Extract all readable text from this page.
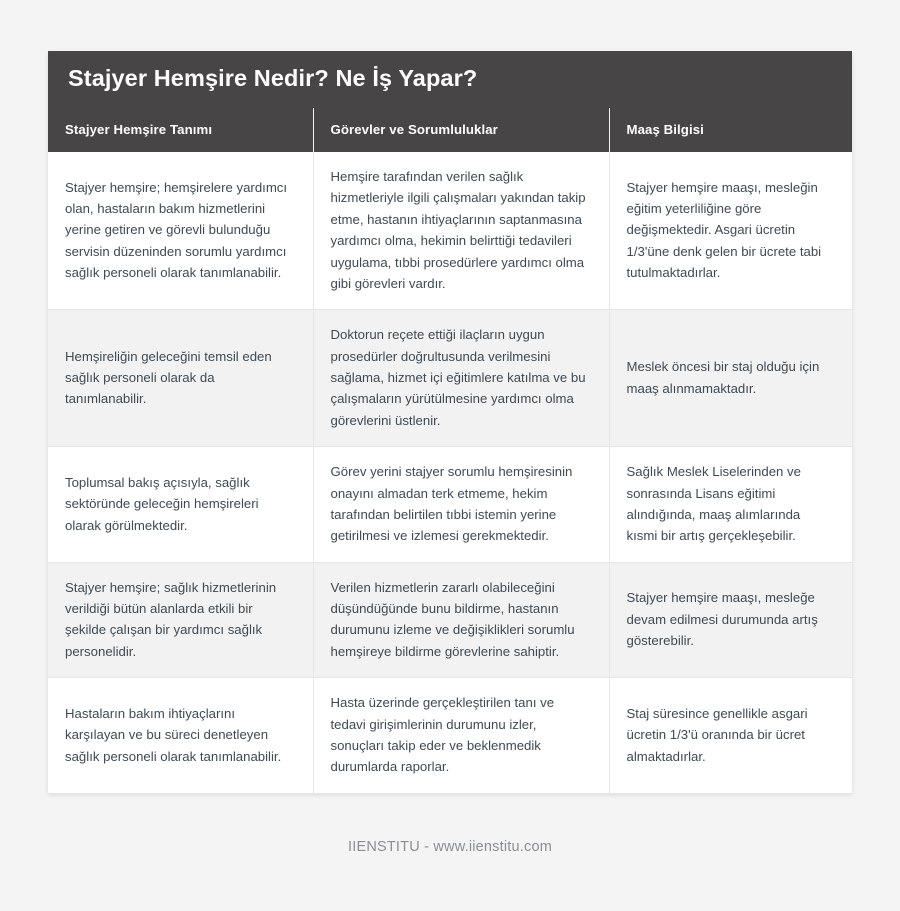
Stajyer Hemşire Nedir? Ne İş Yapar?
Stajyer Hemşire Tanımı	Görevler ve Sorumluluklar	Maaş Bilgisi
Stajyer hemşire; hemşirelere yardımcı olan, hastaların bakım hizmetlerini yerine getiren ve görevli bulunduğu servisin düzeninden sorumlu yardımcı sağlık personeli olarak tanımlanabilir.	Hemşire tarafından verilen sağlık hizmetleriyle ilgili çalışmaları yakından takip etme, hastanın ihtiyaçlarının saptanmasına yardımcı olma, hekimin belirttiği tedavileri uygulama, tıbbi prosedürlere yardımcı olma gibi görevleri vardır.	Stajyer hemşire maaşı, mesleğin eğitim yeterliliğine göre değişmektedir. Asgari ücretin 1/3'üne denk gelen bir ücrete tabi tutulmaktadırlar.
Hemşireliğin geleceğini temsil eden sağlık personeli olarak da tanımlanabilir.	Doktorun reçete ettiği ilaçların uygun prosedürler doğrultusunda verilmesini sağlama, hizmet içi eğitimlere katılma ve bu çalışmaların yürütülmesine yardımcı olma görevlerini üstlenir.	Meslek öncesi bir staj olduğu için maaş alınmamaktadır.
Toplumsal bakış açısıyla, sağlık sektöründe geleceğin hemşireleri olarak görülmektedir.	Görev yerini stajyer sorumlu hemşiresinin onayını almadan terk etmeme, hekim tarafından belirtilen tıbbi istemin yerine getirilmesi ve izlemesi gerekmektedir.	Sağlık Meslek Liselerinden ve sonrasında Lisans eğitimi alındığında, maaş alımlarında kısmi bir artış gerçekleşebilir.
Stajyer hemşire; sağlık hizmetlerinin verildiği bütün alanlarda etkili bir şekilde çalışan bir yardımcı sağlık personelidir.	Verilen hizmetlerin zararlı olabileceğini düşündüğünde bunu bildirme, hastanın durumunu izleme ve değişiklikleri sorumlu hemşireye bildirme görevlerine sahiptir.	Stajyer hemşire maaşı, mesleğe devam edilmesi durumunda artış gösterebilir.
Hastaların bakım ihtiyaçlarını karşılayan ve bu süreci denetleyen sağlık personeli olarak tanımlanabilir.	Hasta üzerinde gerçekleştirilen tanı ve tedavi girişimlerinin durumunu izler, sonuçları takip eder ve beklenmedik durumlarda raporlar.	Staj süresince genellikle asgari ücretin 1/3'ü oranında bir ücret almaktadırlar.
IIENSTITU - www.iienstitu.com
